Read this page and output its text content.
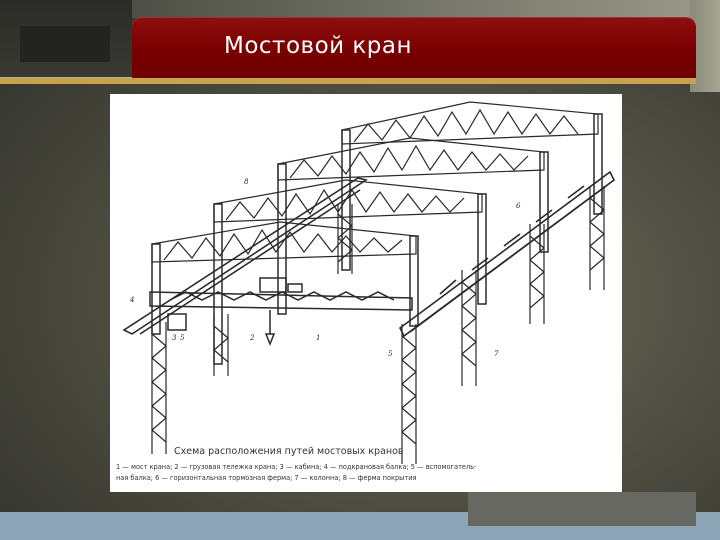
Мостовой кран
8
6
4
3	2	1
5	7
5
Схема расположения путей мостовых кранов
1 — мост крана; 2 — грузовая тележка крана; 3 — кабина; 4 — подкрановая балка; 5 — вспомогатель-
ная балка; 6 — горизонтальная тормозная ферма; 7 — колонна; 8 — ферма покрытия
